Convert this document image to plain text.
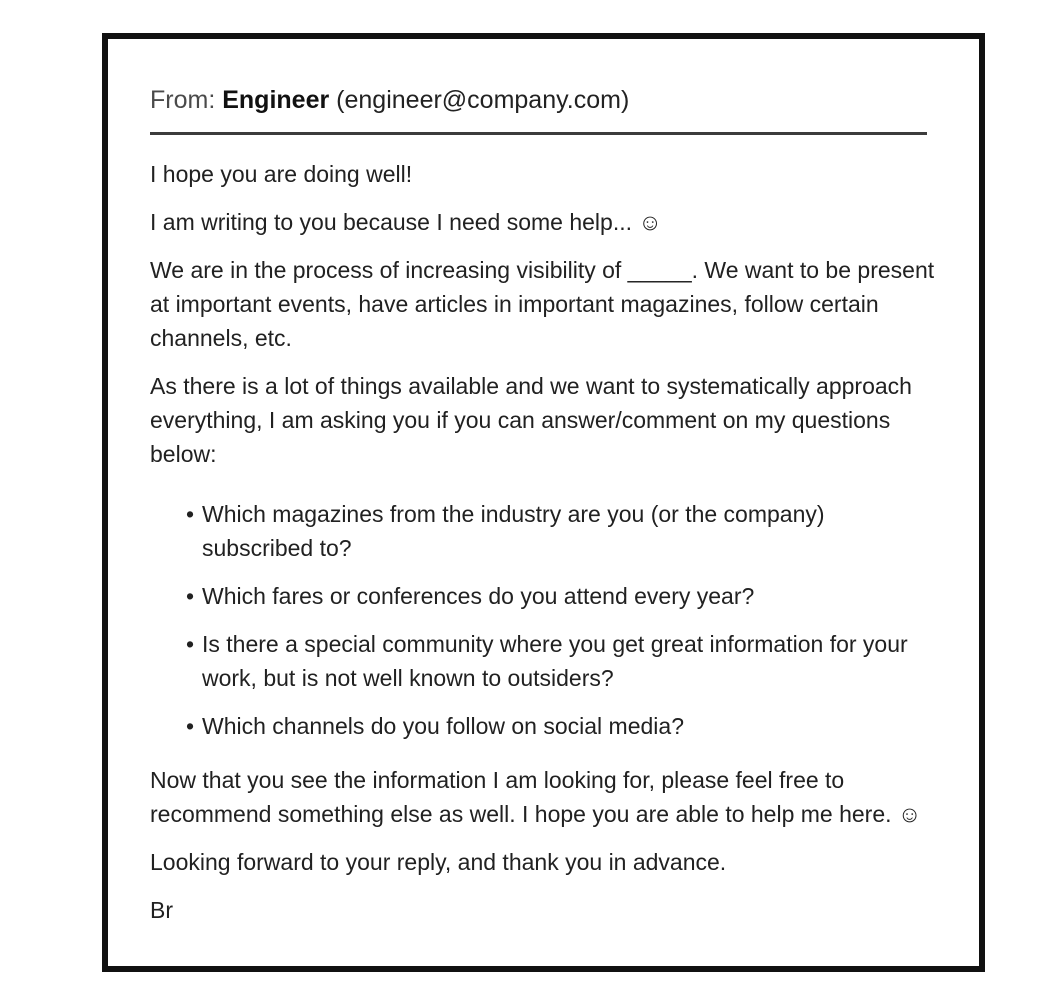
From: Engineer (engineer@company.com)

I hope you are doing well!

I am writing to you because I need some help... ☺

We are in the process of increasing visibility of _____. We want to be present at important events, have articles in important magazines, follow certain channels, etc.

As there is a lot of things available and we want to systematically approach  everything, I am asking you if you can answer/comment on my questions below:

• Which magazines from the industry are you (or the company) subscribed to?
• Which fares or conferences do you attend every year?
• Is there a special community where you get great information for your work, but is not well known to outsiders?
• Which channels do you follow on social media?

Now that you see the information I am looking for, please feel free to recommend something else as well. I hope you are able to help me here. ☺

Looking forward to your reply, and thank you in advance.

Br
